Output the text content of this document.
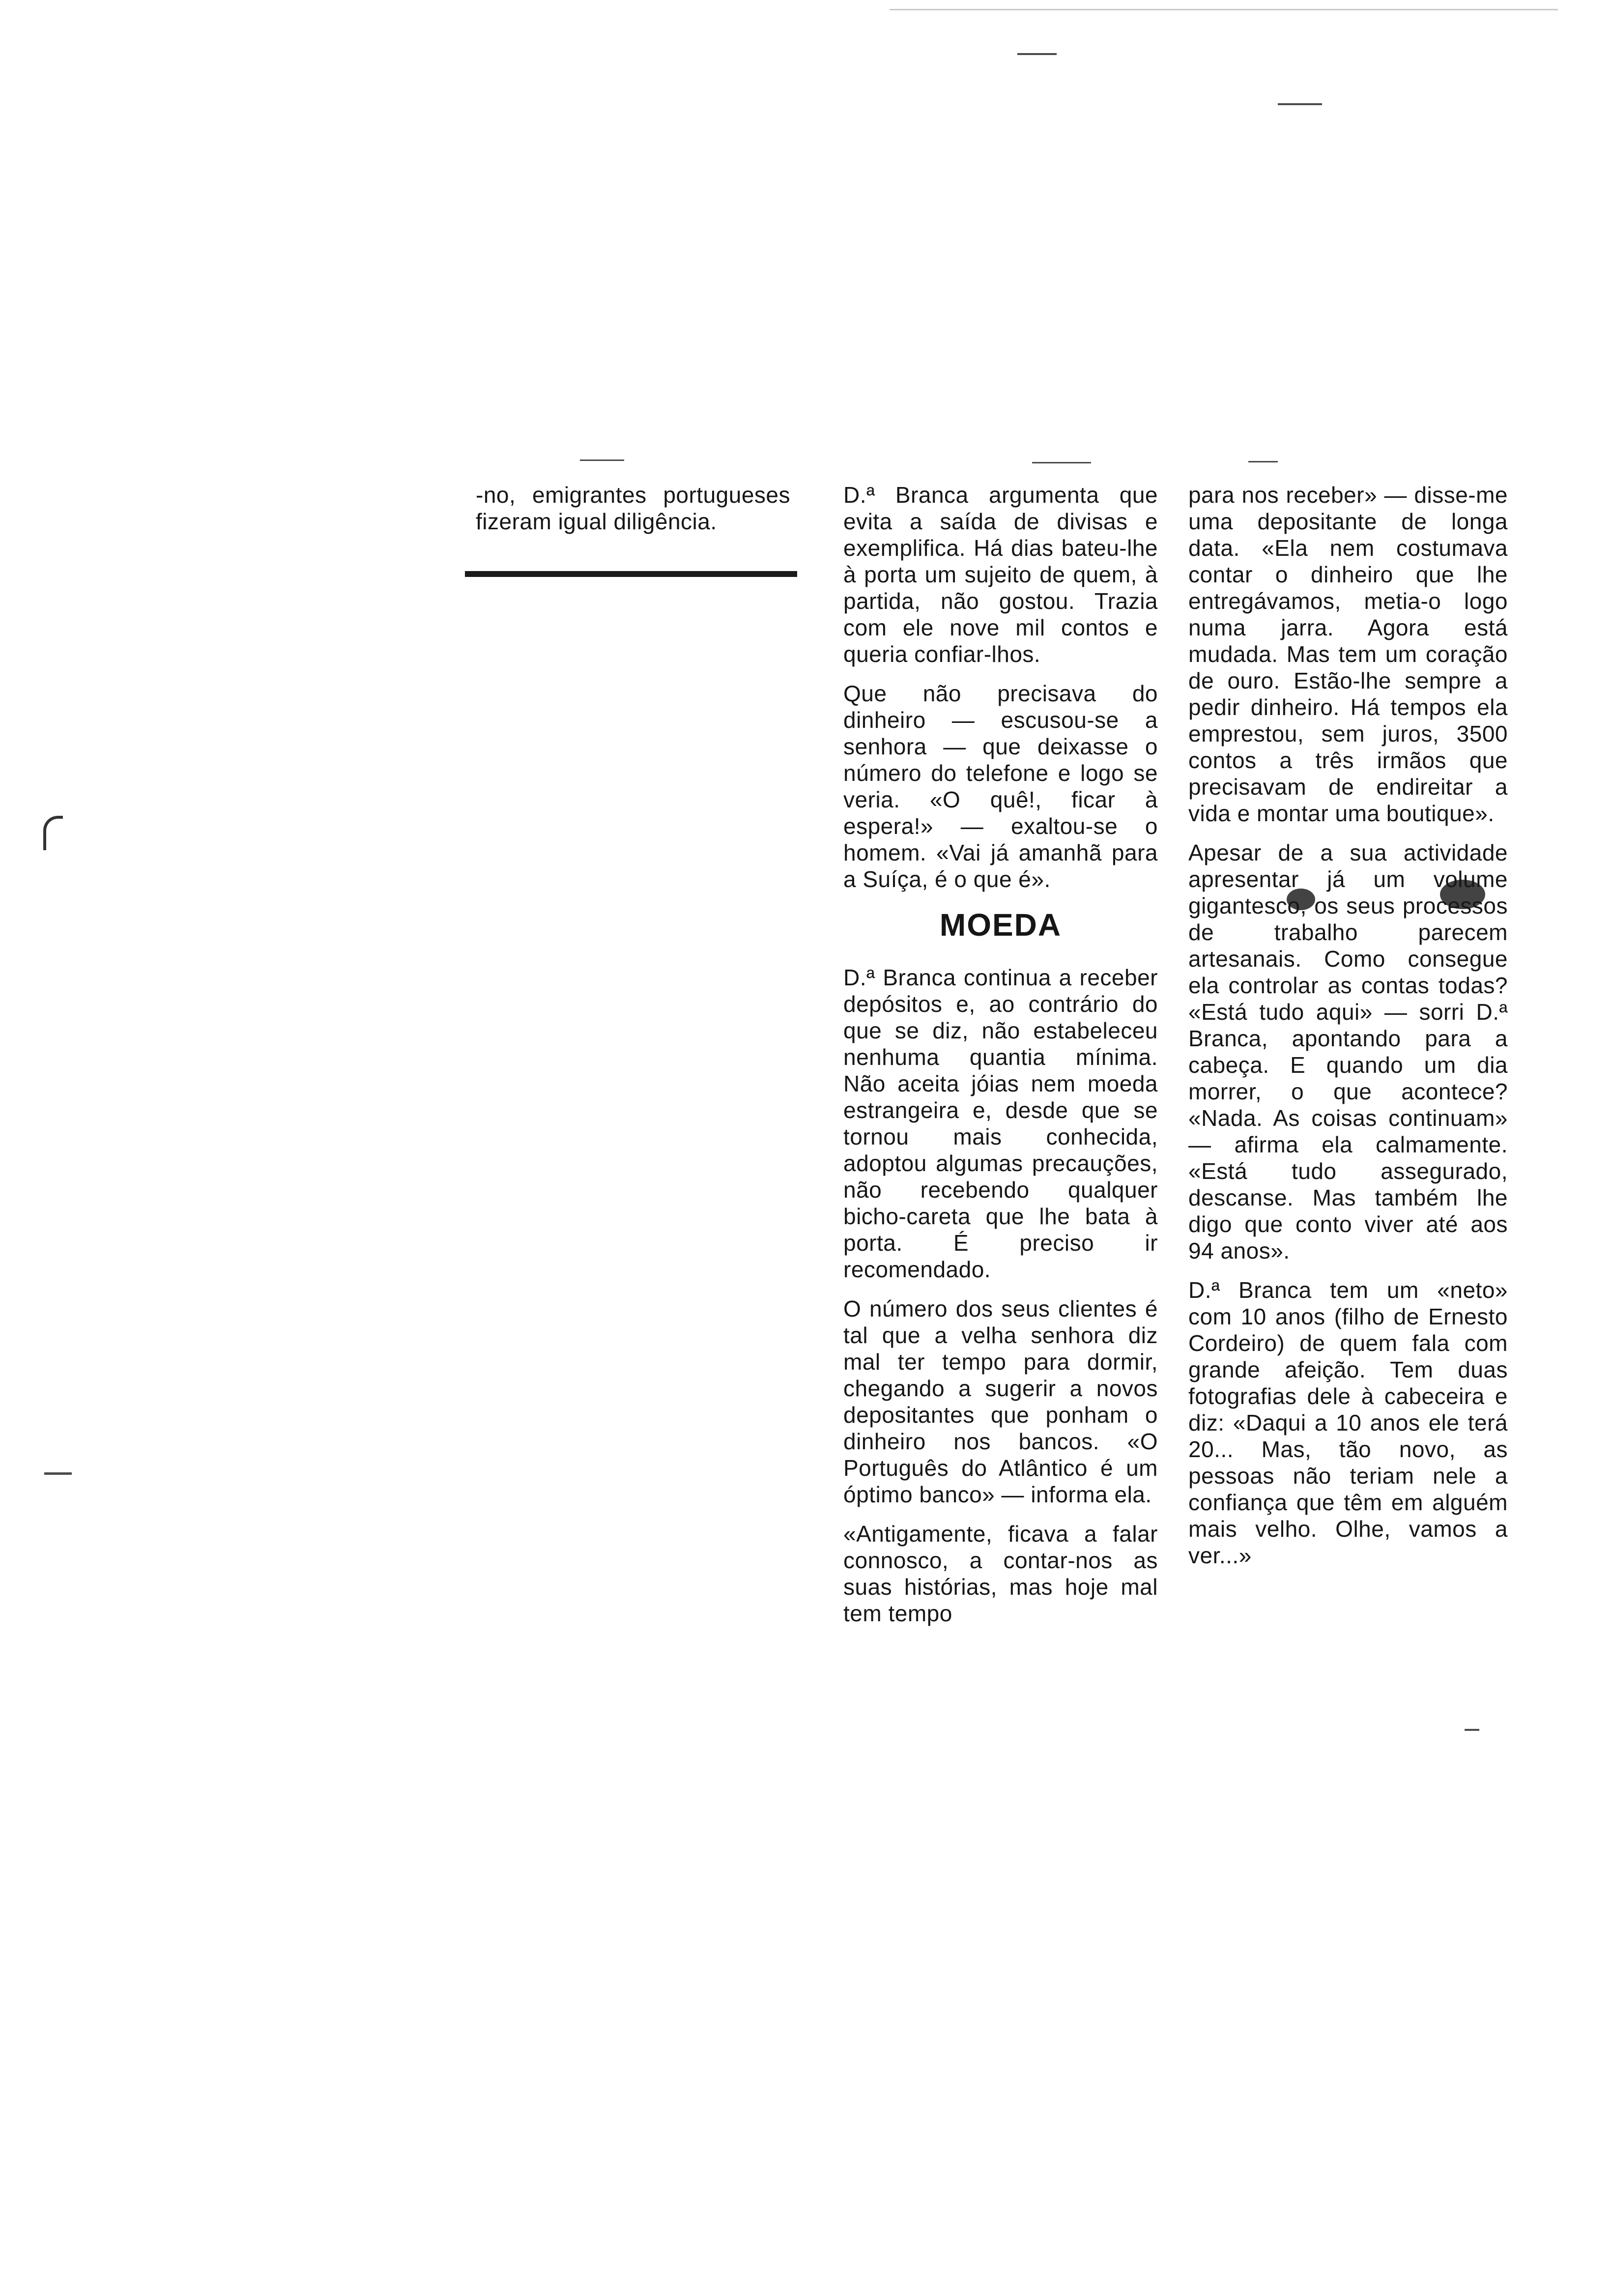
-no, emigrantes portugueses fizeram igual diligência.

D.ª Branca argumenta que evita a saída de divisas e exemplifica. Há dias bateu-lhe à porta um sujeito de quem, à partida, não gostou. Trazia com ele nove mil contos e queria confiar-lhos.

Que não precisava do dinheiro — escusou-se a senhora — que deixasse o número do telefone e logo se veria. «O quê!, ficar à espera!» — exaltou-se o homem. «Vai já amanhã para a Suíça, é o que é».

MOEDA

D.ª Branca continua a receber depósitos e, ao contrário do que se diz, não estabeleceu nenhuma quantia mínima. Não aceita jóias nem moeda estrangeira e, desde que se tornou mais conhecida, adoptou algumas precauções, não recebendo qualquer bicho-careta que lhe bata à porta. É preciso ir recomendado.

O número dos seus clientes é tal que a velha senhora diz mal ter tempo para dormir, chegando a sugerir a novos depositantes que ponham o dinheiro nos bancos. «O Português do Atlântico é um óptimo banco» — informa ela.

«Antigamente, ficava a falar connosco, a contar-nos as suas histórias, mas hoje mal tem tempo

para nos receber» — disse-me uma depositante de longa data. «Ela nem costumava contar o dinheiro que lhe entregávamos, metia-o logo numa jarra. Agora está mudada. Mas tem um coração de ouro. Estão-lhe sempre a pedir dinheiro. Há tempos ela emprestou, sem juros, 3500 contos a três irmãos que precisavam de endireitar a vida e montar uma boutique».

Apesar de a sua actividade apresentar já um volume gigantesco, os seus processos de trabalho parecem artesanais. Como consegue ela controlar as contas todas? «Está tudo aqui» — sorri D.ª Branca, apontando para a cabeça. E quando um dia morrer, o que acontece? «Nada. As coisas continuam» — afirma ela calmamente. «Está tudo assegurado, descanse. Mas também lhe digo que conto viver até aos 94 anos».

D.ª Branca tem um «neto» com 10 anos (filho de Ernesto Cordeiro) de quem fala com grande afeição. Tem duas fotografias dele à cabeceira e diz: «Daqui a 10 anos ele terá 20... Mas, tão novo, as pessoas não teriam nele a confiança que têm em alguém mais velho. Olhe, vamos a ver...»
